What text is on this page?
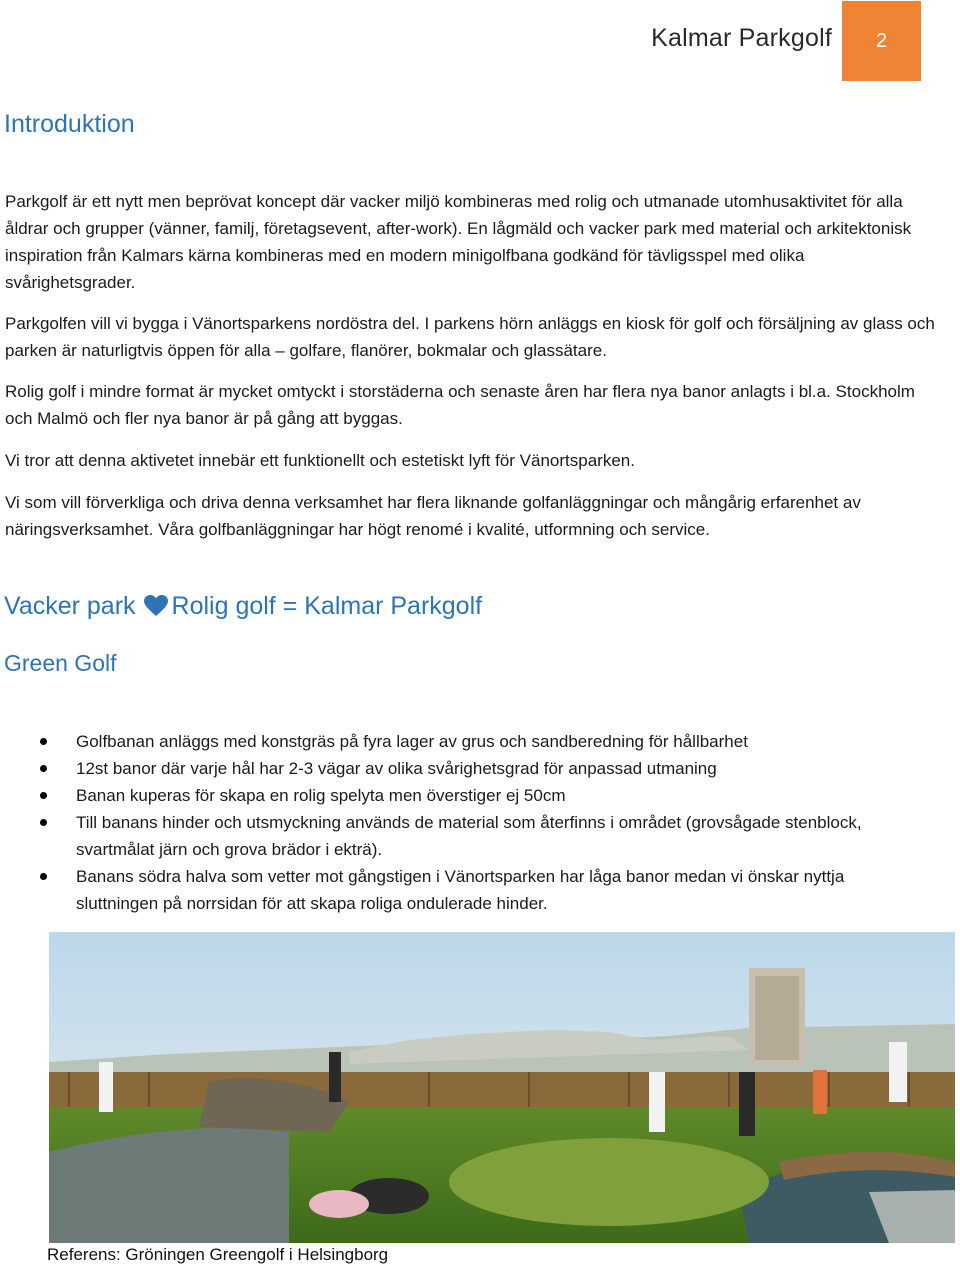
Kalmar Parkgolf	2
Introduktion

Parkgolf är ett nytt men beprövat koncept där vacker miljö kombineras med rolig och utmanade utomhusaktivitet för alla åldrar och grupper (vänner, familj, företagsevent, after-work). En lågmäld och vacker park med material och arkitektonisk inspiration från Kalmars kärna kombineras med en modern minigolfbana godkänd för tävligsspel med olika svårighetsgrader.

Parkgolfen vill vi bygga i Vänortsparkens nordöstra del. I parkens hörn anläggs en kiosk för golf och försäljning av glass och parken är naturligtvis öppen för alla – golfare, flanörer, bokmalar och glassätare.

Rolig golf i mindre format är mycket omtyckt i storstäderna och senaste åren har flera nya banor anlagts i bl.a. Stockholm och Malmö och fler nya banor är på gång att byggas.

Vi tror att denna aktivetet innebär ett funktionellt och estetiskt lyft för Vänortsparken.

Vi som vill förverkliga och driva denna verksamhet har flera liknande golfanläggningar och mångårig erfarenhet av näringsverksamhet. Våra golfbanläggningar har högt renomé i kvalité, utformning och service.

Vacker park Rolig golf = Kalmar Parkgolf
Green Golf
Golfbanan anläggs med konstgräs på fyra lager av grus och sandberedning för hållbarhet
12st banor där varje hål har 2-3 vägar av olika svårighetsgrad för anpassad utmaning
Banan kuperas för skapa en rolig spelyta men överstiger ej 50cm
Till banans hinder och utsmyckning används de material som återfinns i området (grovsågade stenblock, svartmålat järn och grova brädor i ekträ).
Banans södra halva som vetter mot gångstigen i Vänortsparken har låga banor medan vi önskar nyttja sluttningen på norrsidan för att skapa roliga ondulerade hinder.
Referens: Gröningen Greengolf i Helsingborg
